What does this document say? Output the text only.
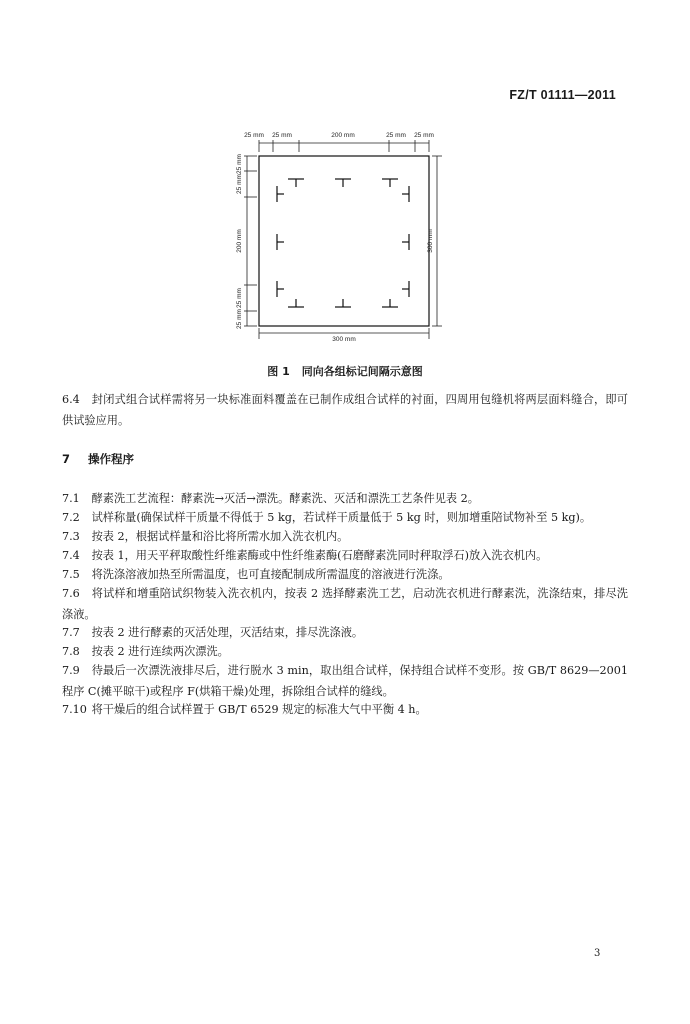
FZ/T 01111—2011
25 mm 25 mm	200 mm	25 mm 25 mm
25 mm
25 mm
200 mm
25 mm
25 mm
300 mm
300 mm
图 1 同向各组标记间隔示意图
6.4 封闭式组合试样需将另一块标准面料覆盖在已制作成组合试样的衬面，四周用包缝机将两层面料缝合，即可供试验应用。
7 操作程序
7.1 酵素洗工艺流程：酵素洗→灭活→漂洗。酵素洗、灭活和漂洗工艺条件见表 2。
7.2 试样称量(确保试样干质量不得低于 5 kg，若试样干质量低于 5 kg 时，则加增重陪试物补至 5 kg)。
7.3 按表 2，根据试样量和浴比将所需水加入洗衣机内。
7.4 按表 1，用天平秤取酸性纤维素酶或中性纤维素酶(石磨酵素洗同时秤取浮石)放入洗衣机内。
7.5 将洗涤溶液加热至所需温度，也可直接配制成所需温度的溶液进行洗涤。
7.6 将试样和增重陪试织物装入洗衣机内，按表 2 选择酵素洗工艺，启动洗衣机进行酵素洗，洗涤结束，排尽洗涤液。
7.7 按表 2 进行酵素的灭活处理，灭活结束，排尽洗涤液。
7.8 按表 2 进行连续两次漂洗。
7.9 待最后一次漂洗液排尽后，进行脱水 3 min，取出组合试样，保持组合试样不变形。按 GB/T 8629—2001 程序 C(摊平晾干)或程序 F(烘箱干燥)处理，拆除组合试样的缝线。
7.10 将干燥后的组合试样置于 GB/T 6529 规定的标准大气中平衡 4 h。
3
